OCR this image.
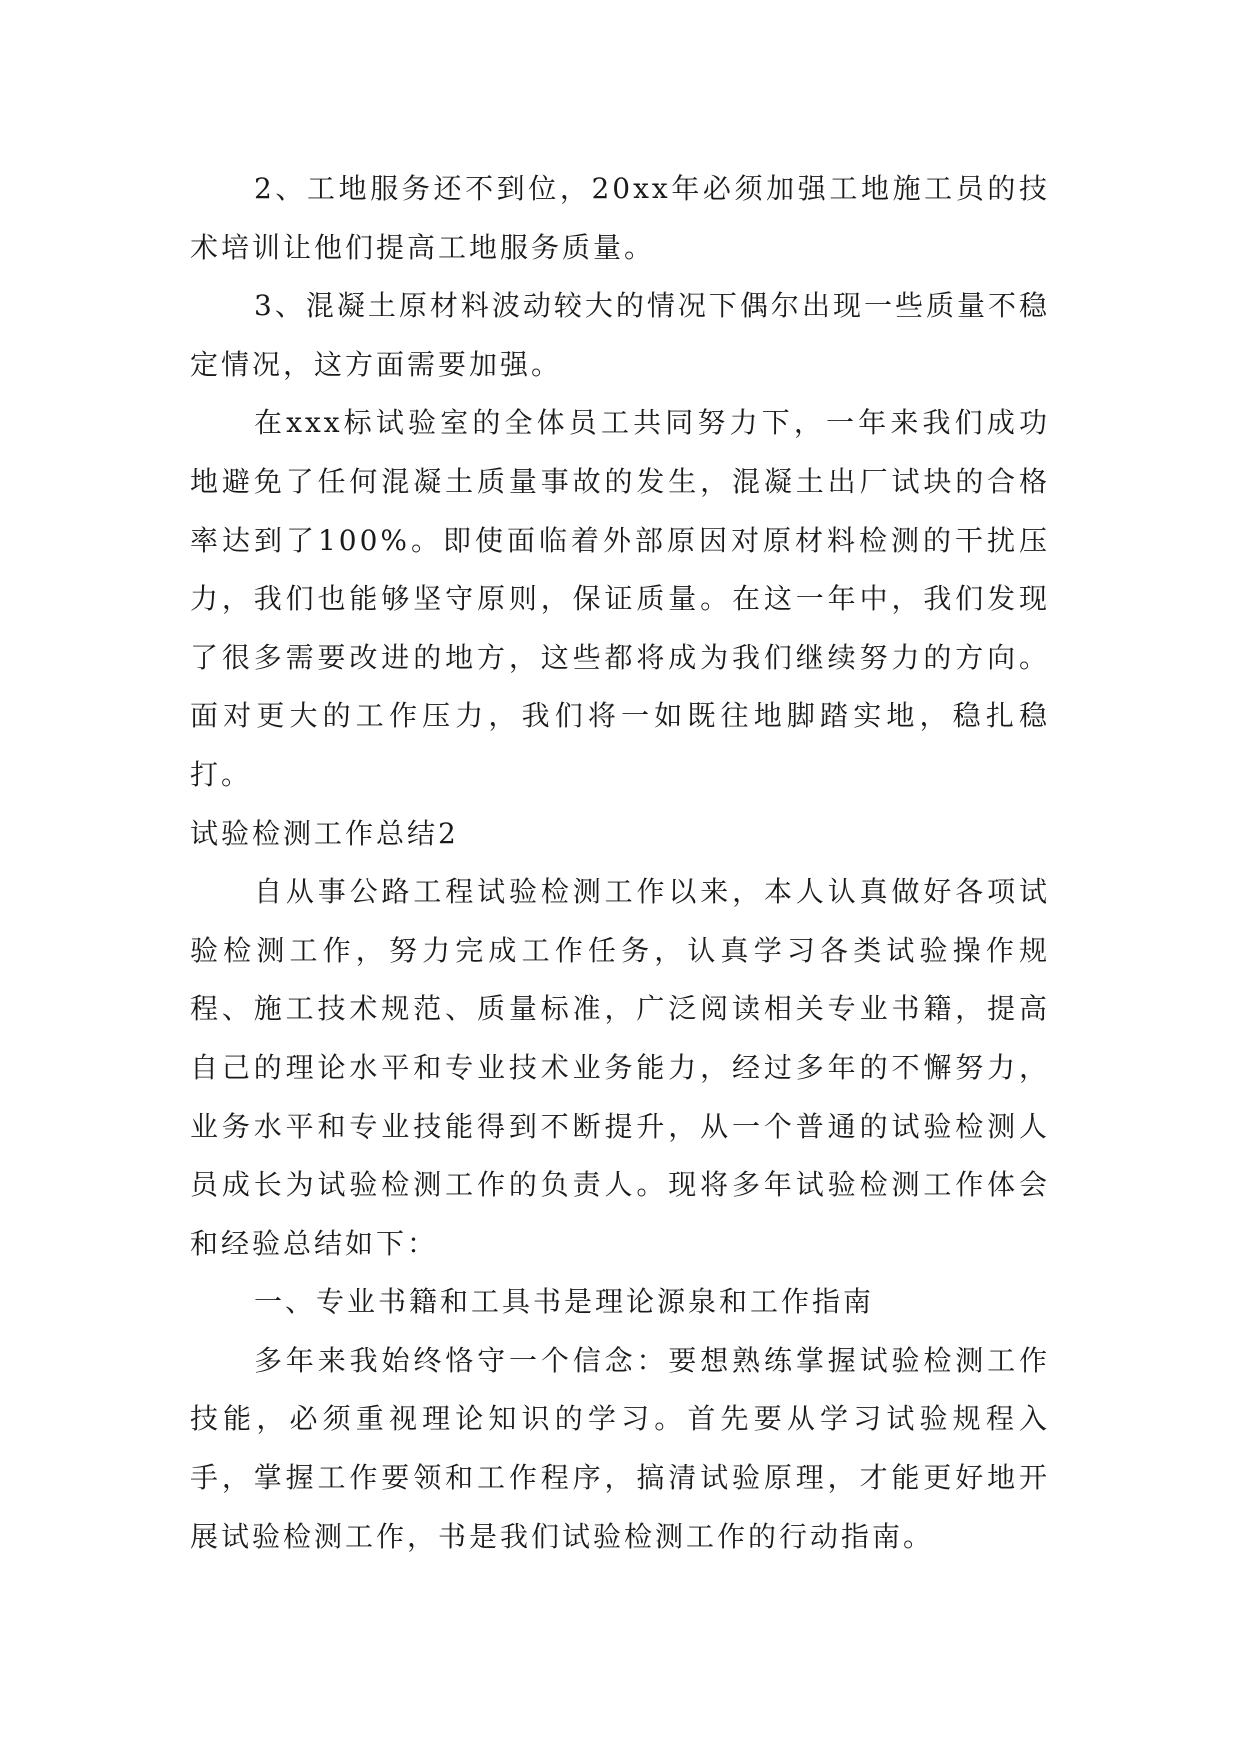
2、工地服务还不到位，20xx年必须加强工地施工员的技术培训让他们提高工地服务质量。

3、混凝土原材料波动较大的情况下偶尔出现一些质量不稳定情况，这方面需要加强。

在xxx标试验室的全体员工共同努力下，一年来我们成功地避免了任何混凝土质量事故的发生，混凝土出厂试块的合格率达到了100%。即使面临着外部原因对原材料检测的干扰压力，我们也能够坚守原则，保证质量。在这一年中，我们发现了很多需要改进的地方，这些都将成为我们继续努力的方向。面对更大的工作压力，我们将一如既往地脚踏实地，稳扎稳打。

试验检测工作总结2

自从事公路工程试验检测工作以来，本人认真做好各项试验检测工作，努力完成工作任务，认真学习各类试验操作规程、施工技术规范、质量标准，广泛阅读相关专业书籍，提高自己的理论水平和专业技术业务能力，经过多年的不懈努力，业务水平和专业技能得到不断提升，从一个普通的试验检测人员成长为试验检测工作的负责人。现将多年试验检测工作体会和经验总结如下：

一、专业书籍和工具书是理论源泉和工作指南

多年来我始终恪守一个信念：要想熟练掌握试验检测工作技能，必须重视理论知识的学习。首先要从学习试验规程入手，掌握工作要领和工作程序，搞清试验原理，才能更好地开展试验检测工作，书是我们试验检测工作的行动指南。
